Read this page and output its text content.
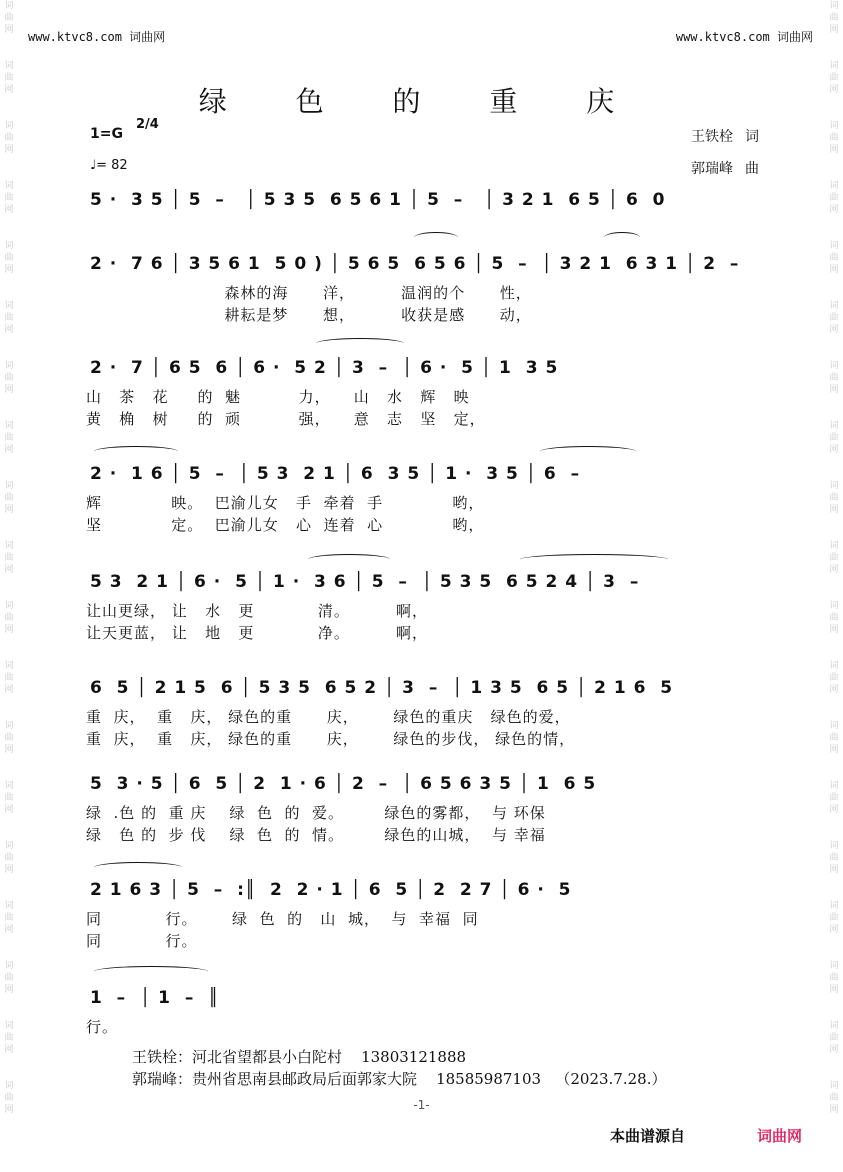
词曲网
词曲网
词曲网
词曲网
词曲网
词曲网
词曲网
词曲网
词曲网
词曲网
词曲网
词曲网
词曲网
词曲网
词曲网
词曲网
词曲网
词曲网
词曲网
词曲网
词曲网
词曲网
词曲网
词曲网
词曲网
词曲网
词曲网
词曲网
词曲网
词曲网
词曲网
词曲网
词曲网
词曲网
词曲网
词曲网
词曲网
词曲网
www.ktvc8.com 词曲网	www.ktvc8.com 词曲网
绿 色 的 重 庆
1=G
2/4
♩= 82
王铁栓 词
郭瑞峰 曲
5 ·  3 5 │ 5  –   │ 5 3 5  6 5 6 1 │ 5  –   │ 3 2 1  6 5 │ 6  0
2 ·  7 6 │ 3 5 6 1  5 0 ) │ 5 6 5  6 5 6 │ 5  –  │ 3 2 1  6 3 1 │ 2  –
森林的海      洋，        温润的个      性，
耕耘是梦      想，        收获是感      动，
2 ·  7 │ 6 5  6 │ 6 ·  5 2 │ 3  –  │ 6 ·  5 │ 1  3 5
山   茶   花     的  魅          力，    山   水   辉   映
黄   桷   树     的  顽          强，    意   志   坚   定，
2 ·  1 6 │ 5  –  │ 5 3  2 1 │ 6  3 5 │ 1 ·  3 5 │ 6  –
辉            映。  巴渝儿女   手  牵着  手            哟，
坚            定。  巴渝儿女   心  连着  心            哟，
5 3  2 1 │ 6 ·  5 │ 1 ·  3 6 │ 5  –  │ 5 3 5  6 5 2 4 │ 3  –
让山更绿， 让   水   更           清。        啊，
让天更蓝， 让   地   更           净。        啊，
6  5 │ 2 1 5  6 │ 5 3 5  6 5 2 │ 3  –  │ 1 3 5  6 5 │ 2 1 6  5
重  庆，  重   庆， 绿色的重      庆，      绿色的重庆   绿色的爱，
重  庆，  重   庆， 绿色的重      庆，      绿色的步伐， 绿色的情，
5  3 · 5 │ 6  5 │ 2  1 · 6 │ 2  –  │ 6 5 6 3 5 │ 1  6 5
绿  .色 的  重 庆    绿  色  的  爱。       绿色的雾都，  与 环保
绿   色 的  步 伐    绿  色  的  情。       绿色的山城，  与 幸福
2 1 6 3 │ 5  –  :║  2  2 · 1 │ 6  5 │ 2  2 7 │ 6 ·  5
同           行。      绿  色  的   山  城，  与  幸福  同
同           行。
1  –  │ 1  –  ║
行。
王铁栓：河北省望都县小白陀村    13803121888
郭瑞峰：贵州省思南县邮政局后面郭家大院    18585987103   （2023.7.28.）
-1-
本曲谱源自	词曲网
